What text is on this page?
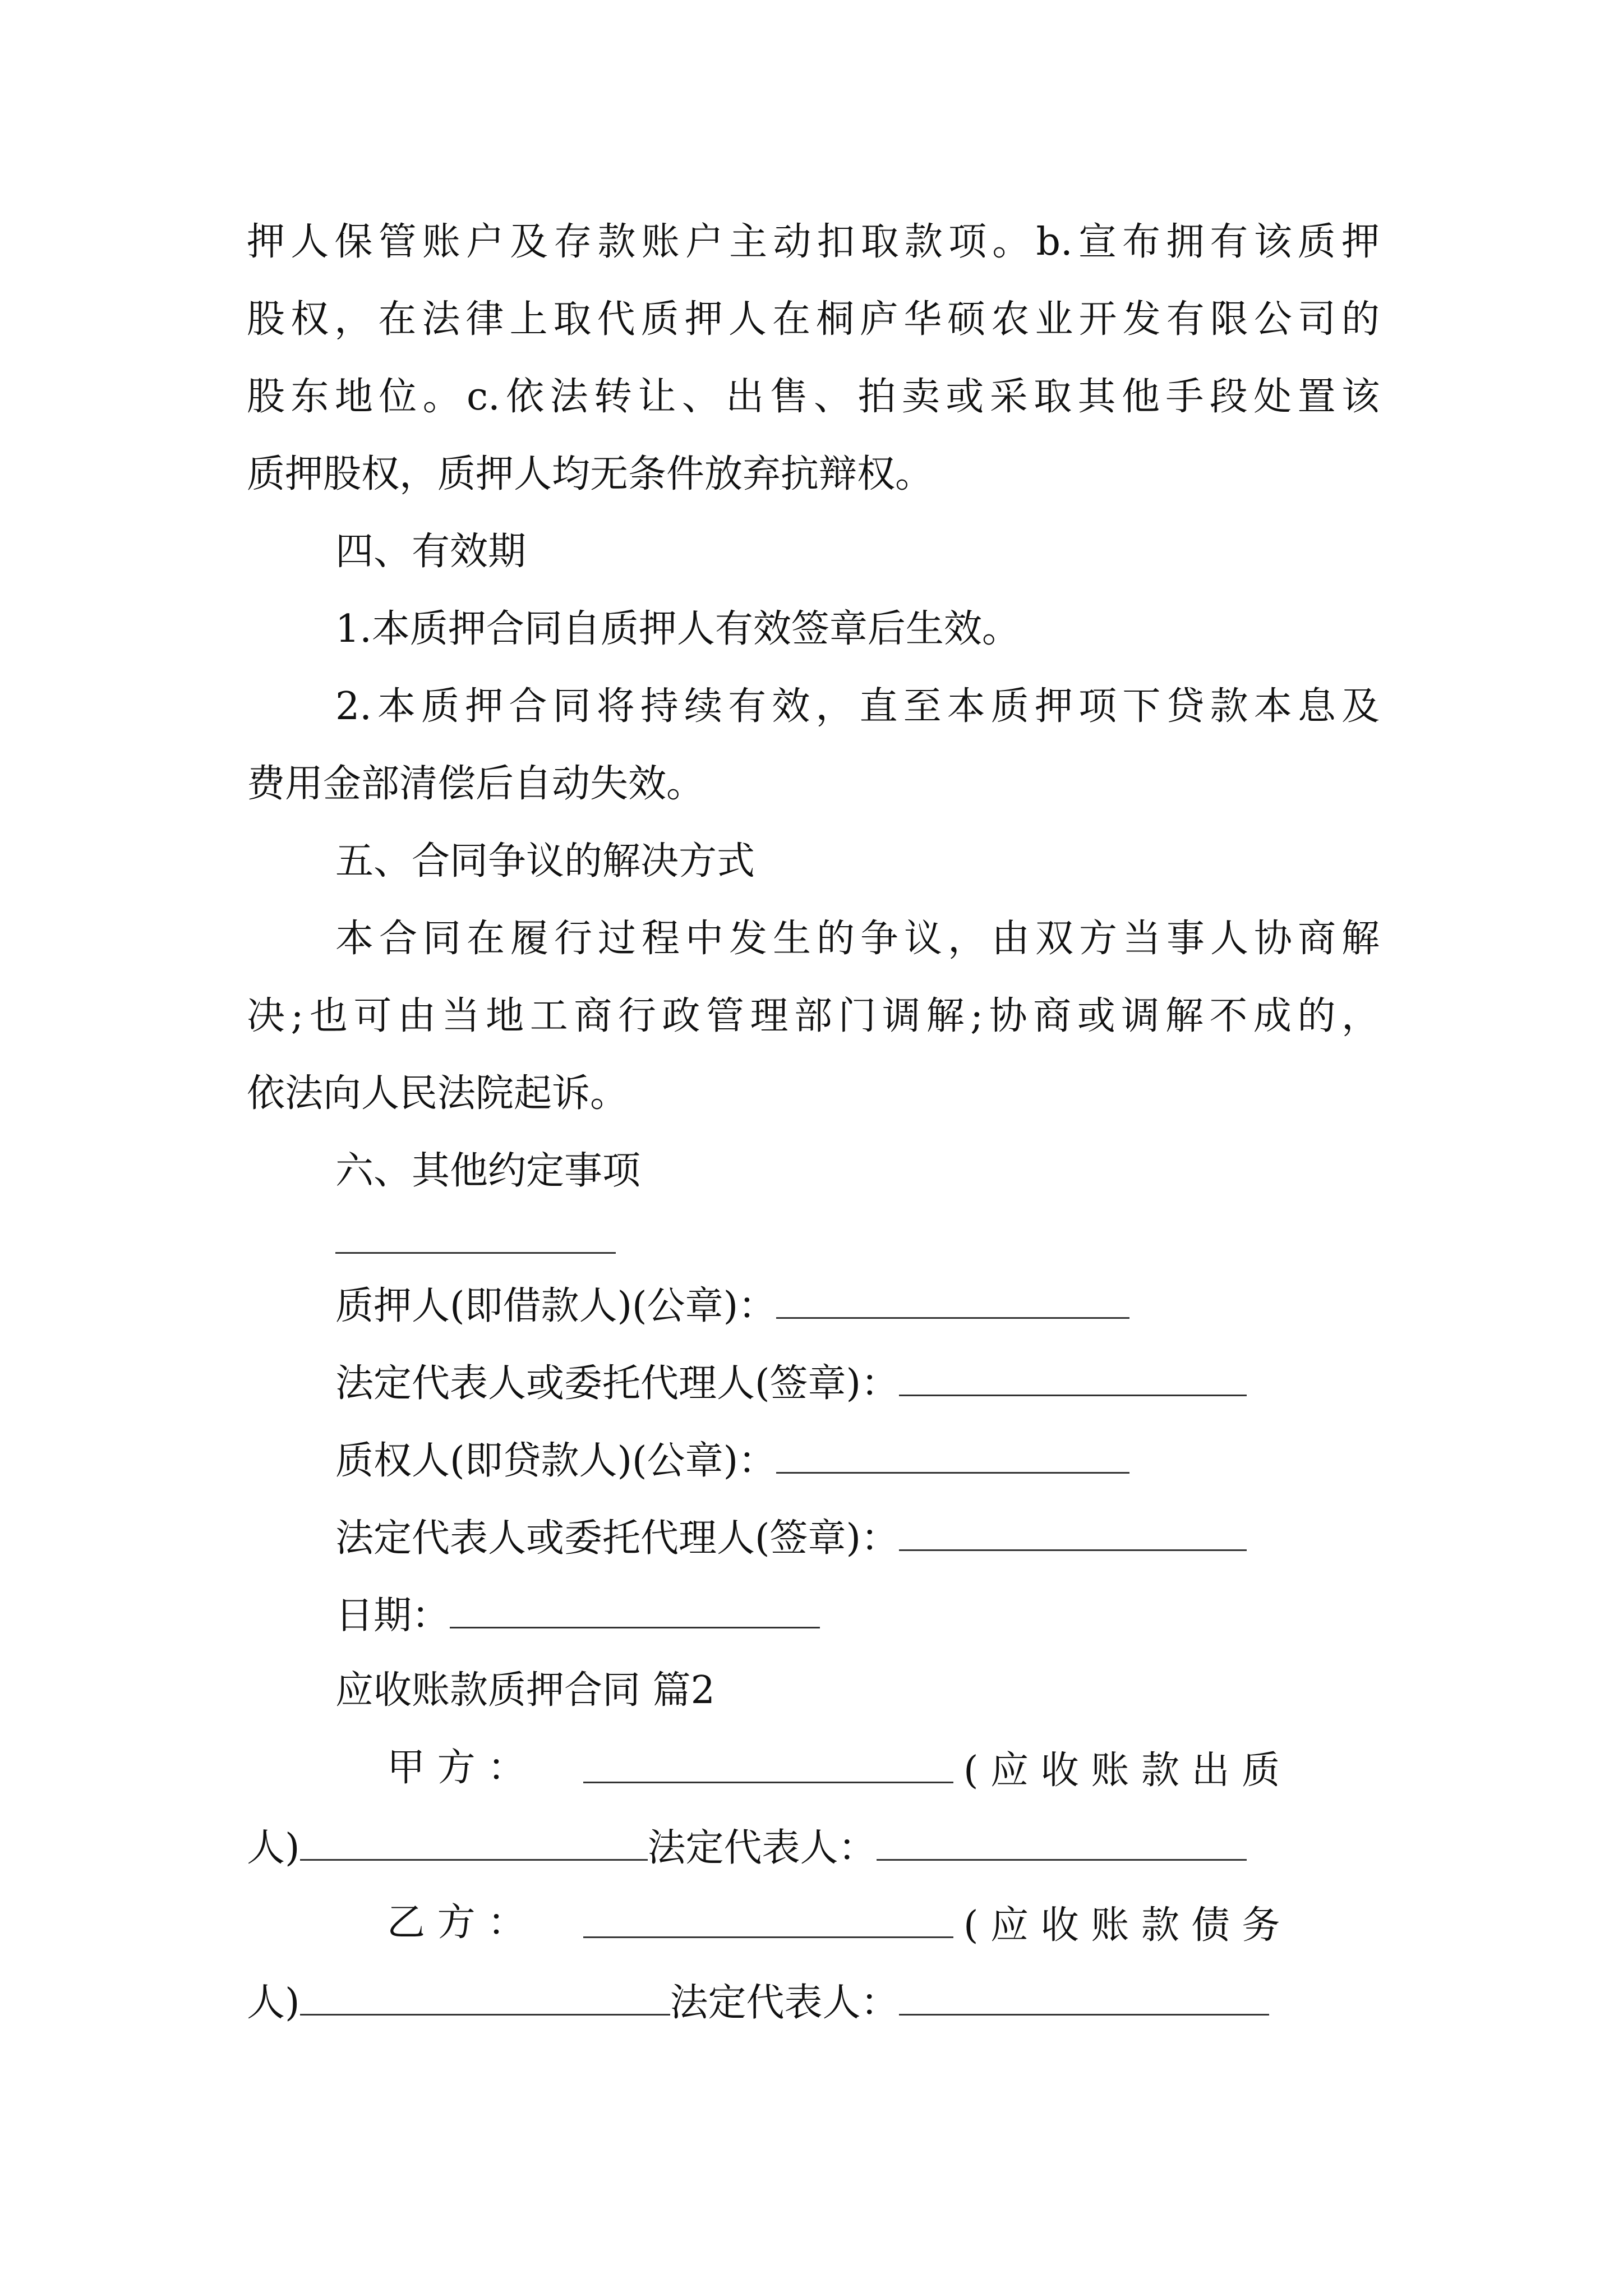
押人保管账户及存款账户主动扣取款项。b.宣布拥有该质押
股权，在法律上取代质押人在桐庐华硕农业开发有限公司的
股东地位。c.依法转让、出售、拍卖或采取其他手段处置该
质押股权，质押人均无条件放弃抗辩权。
四、有效期
1.本质押合同自质押人有效签章后生效。
2.本质押合同将持续有效，直至本质押项下贷款本息及
费用金部清偿后自动失效。
五、合同争议的解决方式
本合同在履行过程中发生的争议，由双方当事人协商解
决;也可由当地工商行政管理部门调解;协商或调解不成的，
依法向人民法院起诉。
六、其他约定事项
质押人(即借款人)(公章)：
法定代表人或委托代理人(签章)：
质权人(即贷款人)(公章)：
法定代表人或委托代理人(签章)：
日期：
应收账款质押合同 篇2
甲 方 ：	( 应 收 账 款 出 质
人)	法定代表人：
乙 方 ：	( 应 收 账 款 债 务
人)	法定代表人：
